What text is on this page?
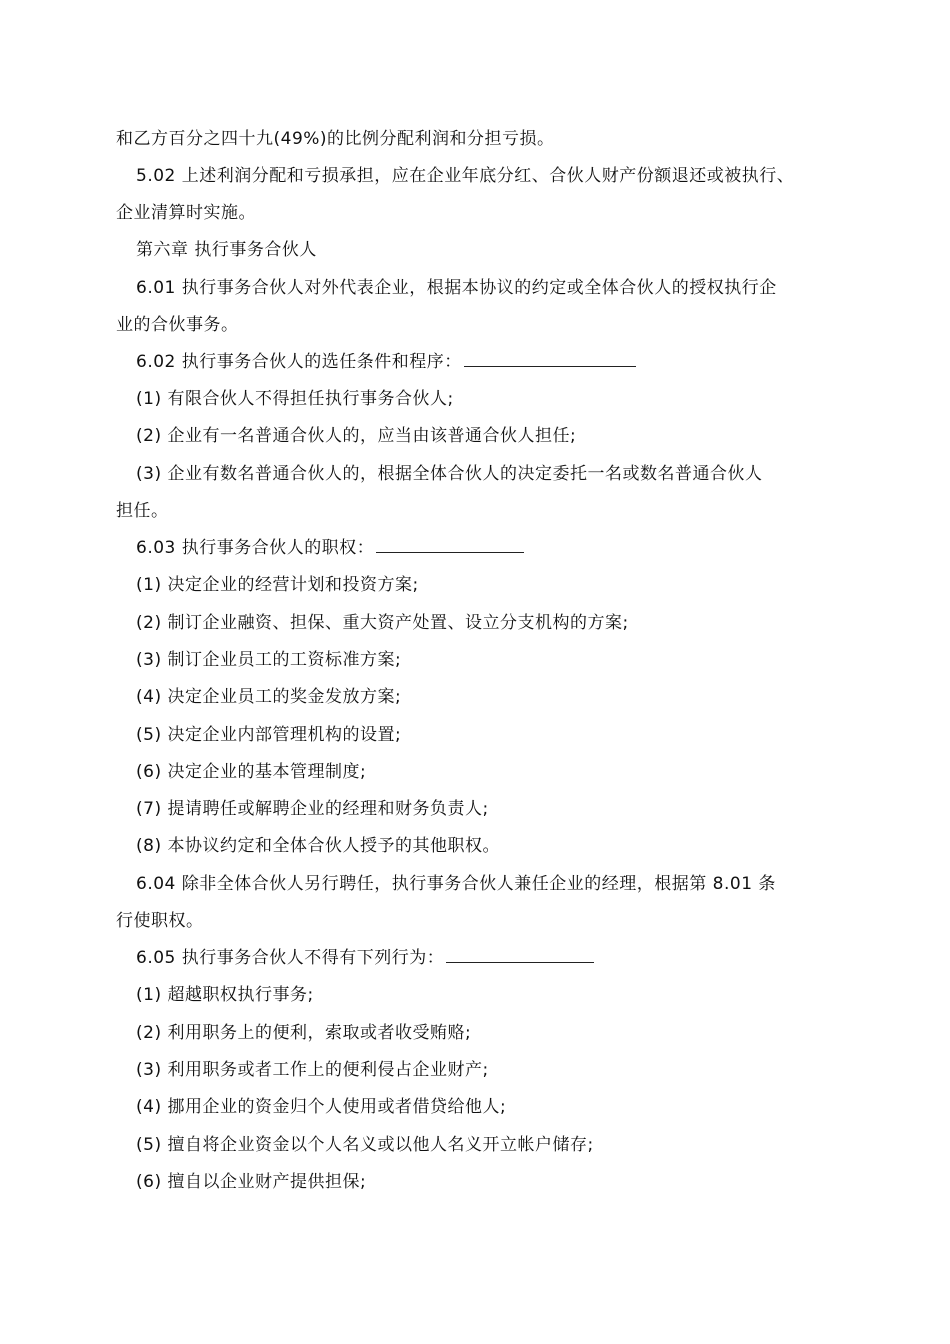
和乙方百分之四十九(49%)的比例分配利润和分担亏损。
5.02 上述利润分配和亏损承担，应在企业年底分红、合伙人财产份额退还或被执行、
企业清算时实施。
第六章 执行事务合伙人
6.01 执行事务合伙人对外代表企业，根据本协议的约定或全体合伙人的授权执行企
业的合伙事务。
6.02 执行事务合伙人的选任条件和程序：
(1) 有限合伙人不得担任执行事务合伙人;
(2) 企业有一名普通合伙人的，应当由该普通合伙人担任;
(3) 企业有数名普通合伙人的，根据全体合伙人的决定委托一名或数名普通合伙人
担任。
6.03 执行事务合伙人的职权：
(1) 决定企业的经营计划和投资方案;
(2) 制订企业融资、担保、重大资产处置、设立分支机构的方案;
(3) 制订企业员工的工资标准方案;
(4) 决定企业员工的奖金发放方案;
(5) 决定企业内部管理机构的设置;
(6) 决定企业的基本管理制度;
(7) 提请聘任或解聘企业的经理和财务负责人;
(8) 本协议约定和全体合伙人授予的其他职权。
6.04 除非全体合伙人另行聘任，执行事务合伙人兼任企业的经理，根据第 8.01 条
行使职权。
6.05 执行事务合伙人不得有下列行为：
(1) 超越职权执行事务;
(2) 利用职务上的便利，索取或者收受贿赂;
(3) 利用职务或者工作上的便利侵占企业财产;
(4) 挪用企业的资金归个人使用或者借贷给他人;
(5) 擅自将企业资金以个人名义或以他人名义开立帐户储存;
(6) 擅自以企业财产提供担保;
